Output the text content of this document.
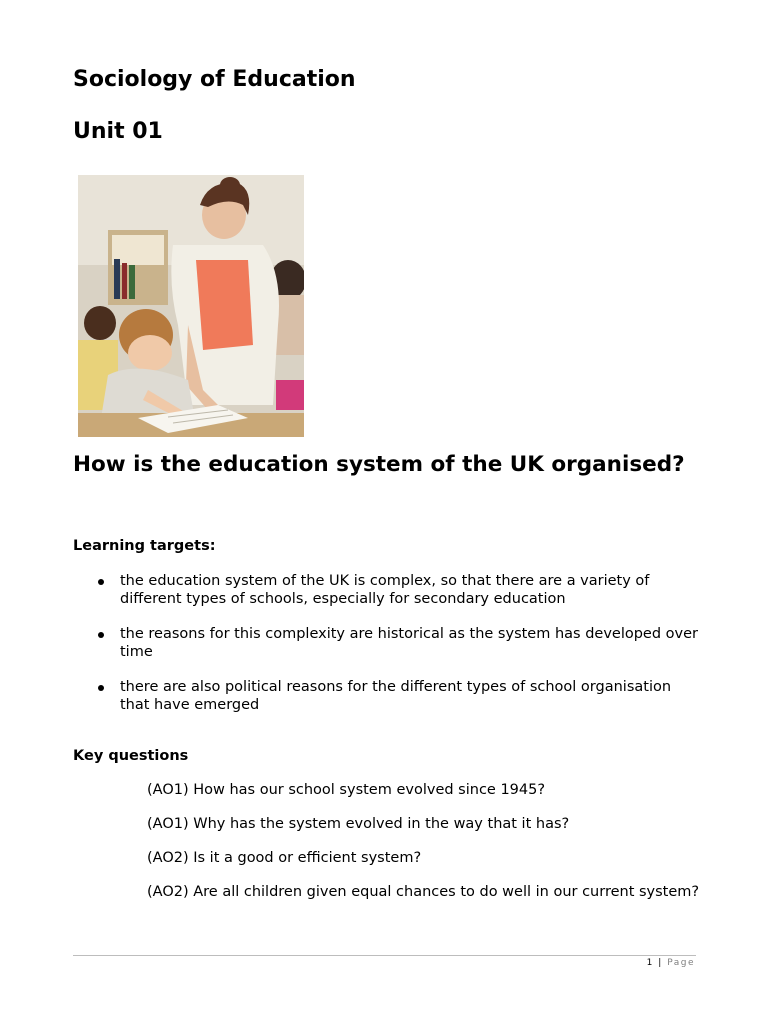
Sociology of Education
Unit 01
How is the education system of the UK organised?
Learning targets:
the education system of the UK is complex, so that there are a variety of different types of schools, especially for secondary education
the reasons for this complexity are historical as the system has developed over time
there are also political reasons for the different types of school organisation that have emerged
Key questions

(AO1) How has our school system evolved since 1945?

(AO1) Why has the system evolved in the way that it has?

(AO2) Is it a good or efficient system?

(AO2) Are all children given equal chances to do well in our current system?

1 | Page
